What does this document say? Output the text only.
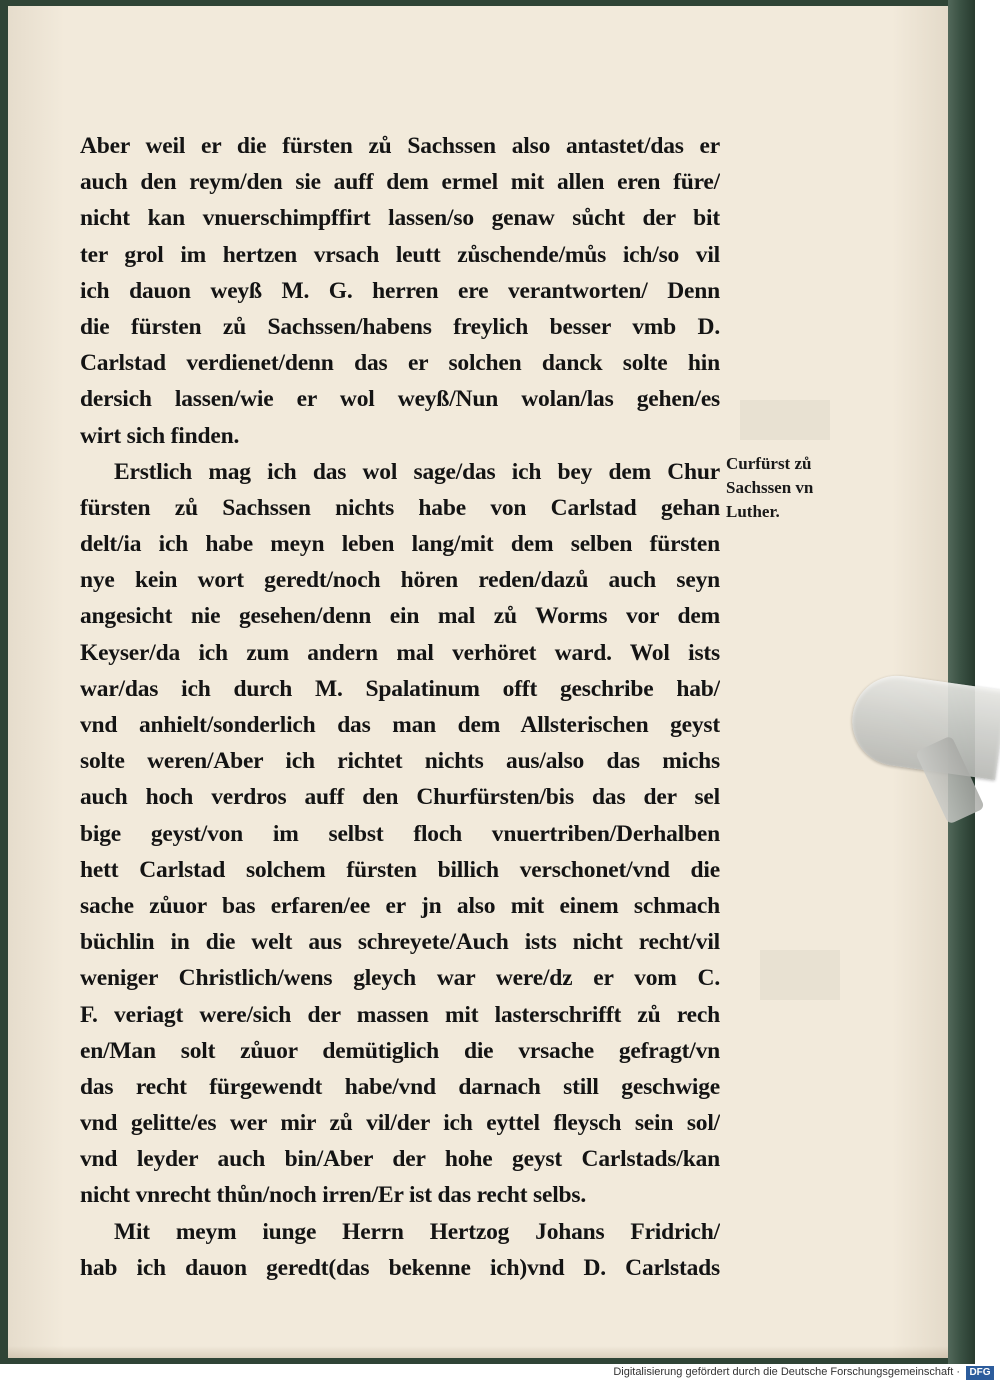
Aber weil er die fürsten zů Sachssen also antastet/das er
auch den reym/den sie auff dem ermel mit allen eren füre/
nicht kan vnuerschimpffirt lassen/so genaw sůcht der bit
ter grol im hertzen vrsach leutt zůschende/můs ich/so vil
ich dauon weyß M. G. herren ere verantworten/ Denn
die fürsten zů Sachssen/habens freylich besser vmb D.
Carlstad verdienet/denn das er solchen danck solte hin
dersich lassen/wie er wol weyß/Nun wolan/las gehen/es
wirt sich finden.
Erstlich mag ich das wol sage/das ich bey dem Chur
fürsten zů Sachssen nichts habe von Carlstad gehan
delt/ia ich habe meyn leben lang/mit dem selben fürsten
nye kein wort geredt/noch hören reden/dazů auch seyn
angesicht nie gesehen/denn ein mal zů Worms vor dem
Keyser/da ich zum andern mal verhöret ward. Wol ists
war/das ich durch M. Spalatinum offt geschribe hab/
vnd anhielt/sonderlich das man dem Allsterischen geyst
solte weren/Aber ich richtet nichts aus/also das michs
auch hoch verdros auff den Churfürsten/bis das der sel
bige geyst/von im selbst floch vnuertriben/Derhalben
hett Carlstad solchem fürsten billich verschonet/vnd die
sache zůuor bas erfaren/ee er jn also mit einem schmach
büchlin in die welt aus schreyete/Auch ists nicht recht/vil
weniger Christlich/wens gleych war were/dz er vom C.
F. veriagt were/sich der massen mit lasterschrifft zů rech
en/Man solt zůuor demütiglich die vrsache gefragt/vn
das recht fürgewendt habe/vnd darnach still geschwige
vnd gelitte/es wer mir zů vil/der ich eyttel fleysch sein sol/
vnd leyder auch bin/Aber der hohe geyst Carlstads/kan
nicht vnrecht thůn/noch irren/Er ist das recht selbs.
Mit meym iunge Herrn Hertzog Johans Fridrich/
hab ich dauon geredt(das bekenne ich)vnd D. Carlstads
Curfürst zů
Sachssen vn
Luther.
Digitalisierung gefördert durch die Deutsche Forschungsgemeinschaft · DFG
